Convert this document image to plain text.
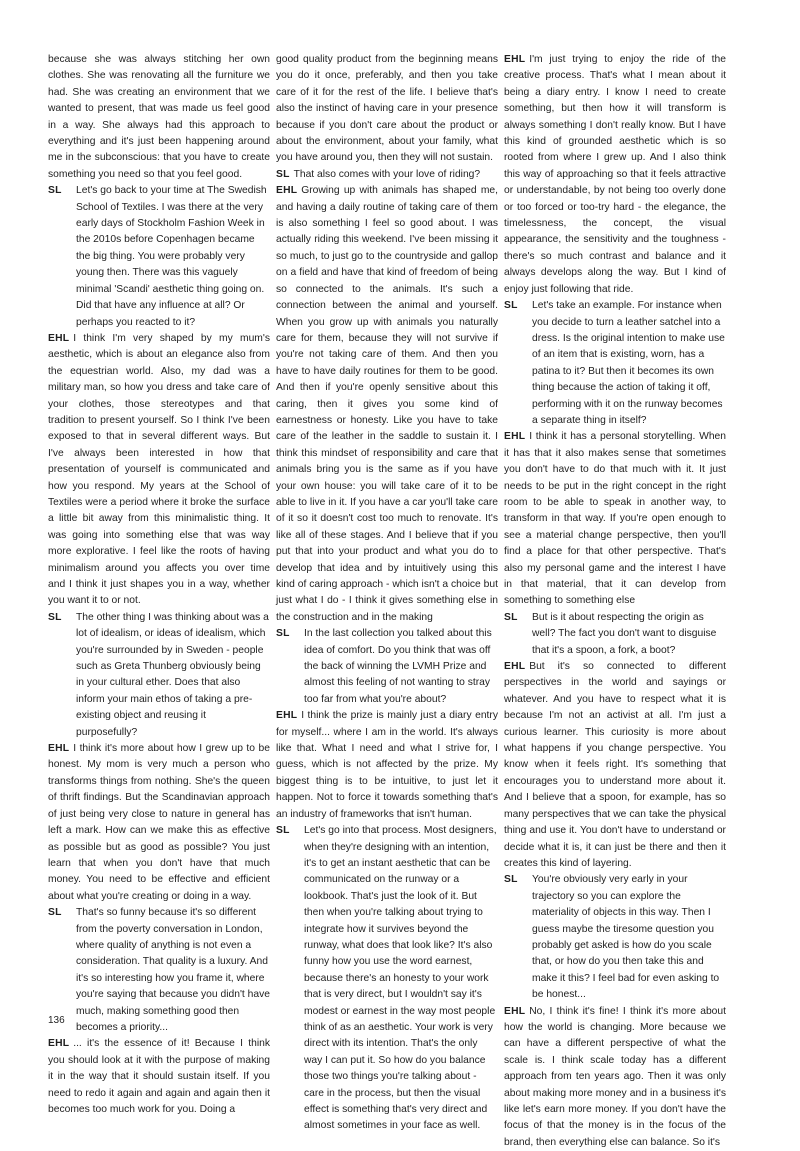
because she was always stitching her own clothes. She was renovating all the furniture we had. She was creating an environment that we wanted to present, that was made us feel good in a way. She always had this approach to everything and it's just been happening around me in the subconscious: that you have to create something you need so that you feel good.
SL	Let's go back to your time at The Swedish School of Textiles. I was there at the very early days of Stockholm Fashion Week in the 2010s before Copenhagen became the big thing. You were probably very young then. There was this vaguely minimal 'Scandi' aesthetic thing going on. Did that have any influence at all? Or perhaps you reacted to it?
EHL I think I'm very shaped by my mum's aesthetic, which is about an elegance also from the equestrian world. Also, my dad was a military man, so how you dress and take care of your clothes, those stereotypes and that tradition to present yourself. So I think I've been exposed to that in several different ways. But I've always been interested in how that presentation of yourself is communicated and how you respond. My years at the School of Textiles were a period where it broke the surface a little bit away from this minimalistic thing. It was going into something else that was way more explorative. I feel like the roots of having minimalism around you affects you over time and I think it just shapes you in a way, whether you want it to or not.
SL	The other thing I was thinking about was a lot of idealism, or ideas of idealism, which you're surrounded by in Sweden - people such as Greta Thunberg obviously being in your cultural ether. Does that also inform your main ethos of taking a pre-existing object and reusing it purposefully?
EHL I think it's more about how I grew up to be honest. My mom is very much a person who transforms things from nothing. She's the queen of thrift findings. But the Scandinavian approach of just being very close to nature in general has left a mark. How can we make this as effective as possible but as good as possible? You just learn that when you don't have that much money. You need to be effective and efficient about what you're creating or doing in a way.
SL	That's so funny because it's so different from the poverty conversation in London, where quality of anything is not even a consideration. That quality is a luxury. And it's so interesting how you frame it, where you're saying that because you didn't have much, making something good then becomes a priority...
EHL ... it's the essence of it! Because I think you should look at it with the purpose of making it in the way that it should sustain itself. If you need to redo it again and again and again then it becomes too much work for you. Doing a
good quality product from the beginning means you do it once, preferably, and then you take care of it for the rest of the life. I believe that's also the instinct of having care in your presence because if you don't care about the product or about the environment, about your family, what you have around you, then they will not sustain.
SL That also comes with your love of riding?
EHL Growing up with animals has shaped me, and having a daily routine of taking care of them is also something I feel so good about. I was actually riding this weekend. I've been missing it so much, to just go to the countryside and gallop on a field and have that kind of freedom of being so connected to the animals. It's such a connection between the animal and yourself. When you grow up with animals you naturally care for them, because they will not survive if you're not taking care of them. And then you have to have daily routines for them to be good. And then if you're openly sensitive about this caring, then it gives you some kind of earnestness or honesty. Like you have to take care of the leather in the saddle to sustain it. I think this mindset of responsibility and care that animals bring you is the same as if you have your own house: you will take care of it to be able to live in it. If you have a car you'll take care of it so it doesn't cost too much to renovate. It's like all of these stages. And I believe that if you put that into your product and what you do to develop that idea and by intuitively using this kind of caring approach - which isn't a choice but just what I do - I think it gives something else in the construction and in the making
SL	In the last collection you talked about this idea of comfort. Do you think that was off the back of winning the LVMH Prize and almost this feeling of not wanting to stray too far from what you're about?
EHL I think the prize is mainly just a diary entry for myself... where I am in the world. It's always like that. What I need and what I strive for, I guess, which is not affected by the prize. My biggest thing is to be intuitive, to just let it happen. Not to force it towards something that's an industry of frameworks that isn't human.
SL	Let's go into that process. Most designers, when they're designing with an intention, it's to get an instant aesthetic that can be communicated on the runway or a lookbook. That's just the look of it. But then when you're talking about trying to integrate how it survives beyond the runway, what does that look like? It's also funny how you use the word earnest, because there's an honesty to your work that is very direct, but I wouldn't say it's modest or earnest in the way most people think of as an aesthetic. Your work is very direct with its intention. That's the only way I can put it. So how do you balance those two things you're talking about - care in the process, but then the visual effect is something that's very direct and almost sometimes in your face as well.
EHL I'm just trying to enjoy the ride of the creative process. That's what I mean about it being a diary entry. I know I need to create something, but then how it will transform is always something I don't really know. But I have this kind of grounded aesthetic which is so rooted from where I grew up. And I also think this way of approaching so that it feels attractive or understandable, by not being too overly done or too forced or too-try hard - the elegance, the timelessness, the concept, the visual appearance, the sensitivity and the toughness - there's so much contrast and balance and it always develops along the way. But I kind of enjoy just following that ride.
SL	Let's take an example. For instance when you decide to turn a leather satchel into a dress. Is the original intention to make use of an item that is existing, worn, has a patina to it? But then it becomes its own thing because the action of taking it off, performing with it on the runway becomes a separate thing in itself?
EHL I think it has a personal storytelling. When it has that it also makes sense that sometimes you don't have to do that much with it. It just needs to be put in the right concept in the right room to be able to speak in another way, to transform in that way. If you're open enough to see a material change perspective, then you'll find a place for that other perspective. That's also my personal game and the interest I have in that material, that it can develop from something to something else
SL	But is it about respecting the origin as well? The fact you don't want to disguise that it's a spoon, a fork, a boot?
EHL But it's so connected to different perspectives in the world and sayings or whatever. And you have to respect what it is because I'm not an activist at all. I'm just a curious learner. This curiosity is more about what happens if you change perspective. You know when it feels right. It's something that encourages you to understand more about it. And I believe that a spoon, for example, has so many perspectives that we can take the physical thing and use it. You don't have to understand or decide what it is, it can just be there and then it creates this kind of layering.
SL	You're obviously very early in your trajectory so you can explore the materiality of objects in this way. Then I guess maybe the tiresome question you probably get asked is how do you scale that, or how do you then take this and make it this? I feel bad for even asking to be honest...
EHL No, I think it's fine! I think it's more about how the world is changing. More because we can have a different perspective of what the scale is. I think scale today has a different approach from ten years ago. Then it was only about making more money and in a business it's like let's earn more money. If you don't have the focus of that the money is in the focus of the brand, then everything else can balance. So it's
136
